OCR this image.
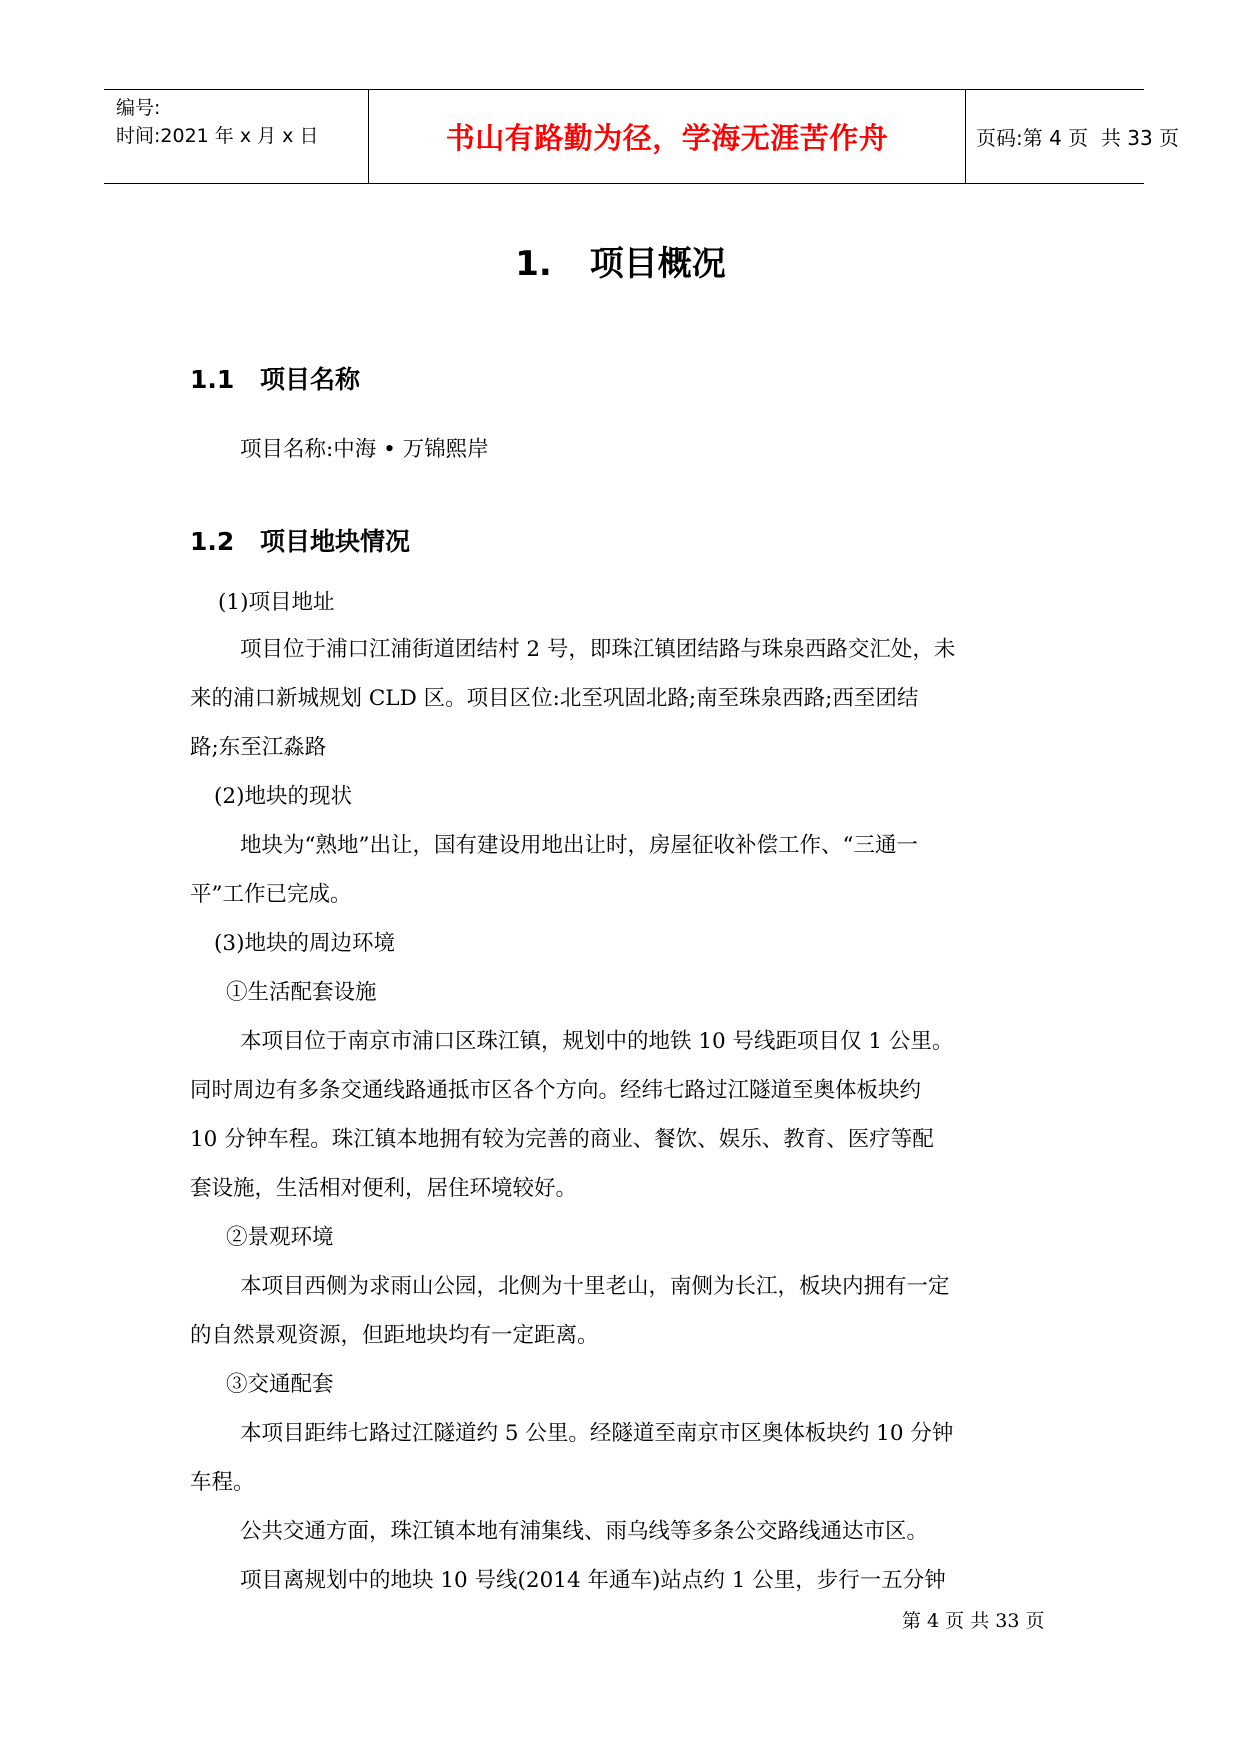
编号:
时间:2021 年 x 月 x 日	书山有路勤为径，学海无涯苦作舟	页码:第 4 页  共 33 页
1. 项目概况
1.1 项目名称
项目名称:中海 • 万锦熙岸
1.2 项目地块情况
(1)项目地址
项目位于浦口江浦街道团结村 2 号，即珠江镇团结路与珠泉西路交汇处，未
来的浦口新城规划 CLD 区。项目区位:北至巩固北路;南至珠泉西路;西至团结
路;东至江淼路
(2)地块的现状
地块为“熟地”出让，国有建设用地出让时，房屋征收补偿工作、“三通一
平”工作已完成。
(3)地块的周边环境
①生活配套设施
本项目位于南京市浦口区珠江镇，规划中的地铁 10 号线距项目仅 1 公里。
同时周边有多条交通线路通抵市区各个方向。经纬七路过江隧道至奥体板块约
10 分钟车程。珠江镇本地拥有较为完善的商业、餐饮、娱乐、教育、医疗等配
套设施，生活相对便利，居住环境较好。
②景观环境
本项目西侧为求雨山公园，北侧为十里老山，南侧为长江，板块内拥有一定
的自然景观资源，但距地块均有一定距离。
③交通配套
本项目距纬七路过江隧道约 5 公里。经隧道至南京市区奥体板块约 10 分钟
车程。
公共交通方面，珠江镇本地有浦集线、雨乌线等多条公交路线通达市区。
项目离规划中的地块 10 号线(2014 年通车)站点约 1 公里，步行一五分钟
第 4 页 共 33 页
